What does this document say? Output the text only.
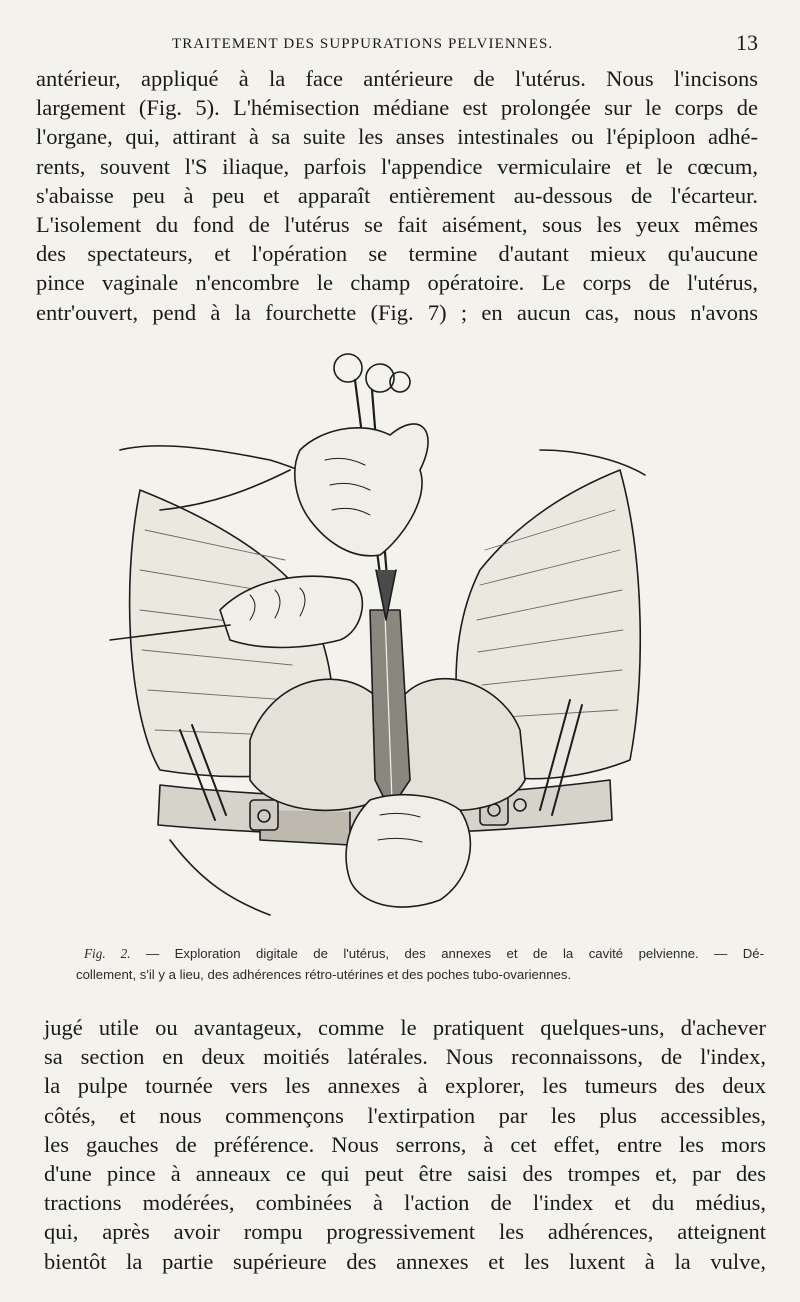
TRAITEMENT DES SUPPURATIONS PELVIENNES.	13
antérieur, appliqué à la face antérieure de l'utérus. Nous l'incisons
largement (Fig. 5). L'hémisection médiane est prolongée sur le corps de
l'organe, qui, attirant à sa suite les anses intestinales ou l'épiploon adhé-
rents, souvent l'S iliaque, parfois l'appendice vermiculaire et le cœcum,
s'abaisse peu à peu et apparaît entièrement au-dessous de l'écarteur.
L'isolement du fond de l'utérus se fait aisément, sous les yeux mêmes
des spectateurs, et l'opération se termine d'autant mieux qu'aucune
pince vaginale n'encombre le champ opératoire. Le corps de l'utérus,
entr'ouvert, pend à la fourchette (Fig. 7) ; en aucun cas, nous n'avons
Fig. 2. — Exploration digitale de l'utérus, des annexes et de la cavité pelvienne. — Dé-
collement, s'il y a lieu, des adhérences rétro-utérines et des poches tubo-ovariennes.
jugé utile ou avantageux, comme le pratiquent quelques-uns, d'achever
sa section en deux moitiés latérales. Nous reconnaissons, de l'index,
la pulpe tournée vers les annexes à explorer, les tumeurs des deux
côtés, et nous commençons l'extirpation par les plus accessibles,
les gauches de préférence. Nous serrons, à cet effet, entre les mors
d'une pince à anneaux ce qui peut être saisi des trompes et, par des
tractions modérées, combinées à l'action de l'index et du médius,
qui, après avoir rompu progressivement les adhérences, atteignent
bientôt la partie supérieure des annexes et les luxent à la vulve,
